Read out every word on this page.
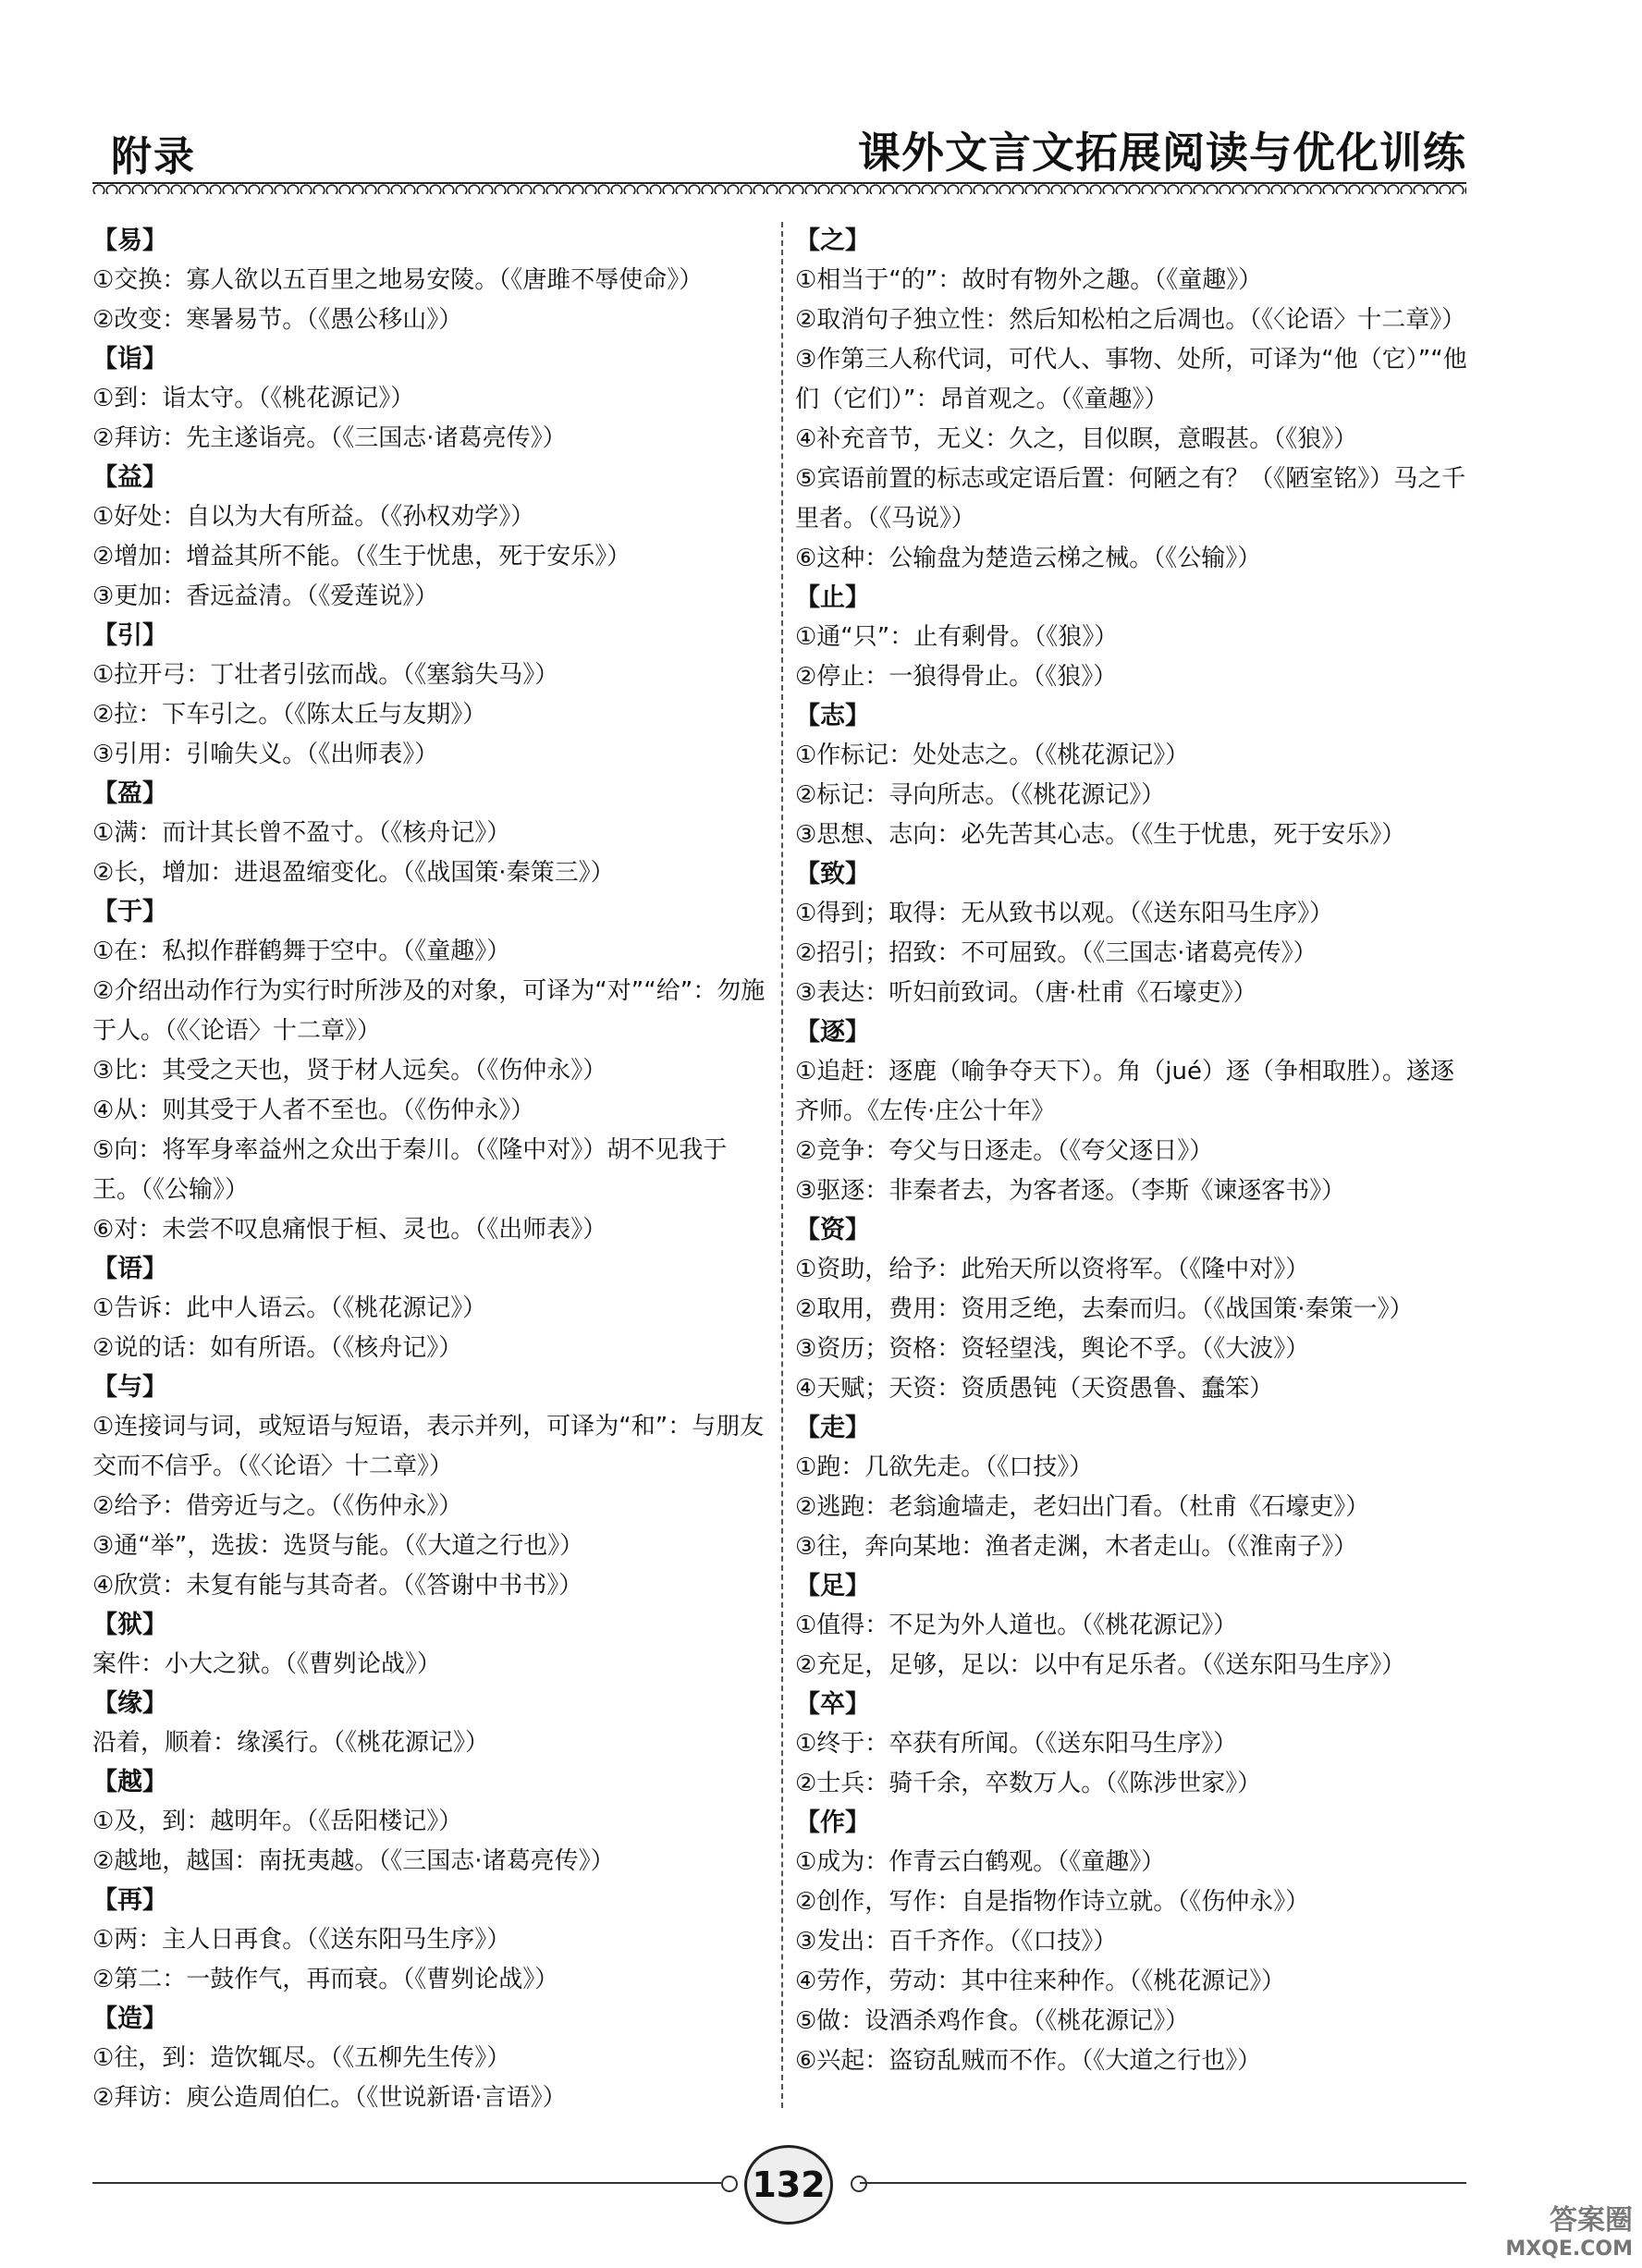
附录	课外文言文拓展阅读与优化训练
【易】
①交换：寡人欲以五百里之地易安陵。（《唐雎不辱使命》）
②改变：寒暑易节。（《愚公移山》）
【诣】
①到：诣太守。（《桃花源记》）
②拜访：先主遂诣亮。（《三国志·诸葛亮传》）
【益】
①好处：自以为大有所益。（《孙权劝学》）
②增加：增益其所不能。（《生于忧患，死于安乐》）
③更加：香远益清。（《爱莲说》）
【引】
①拉开弓：丁壮者引弦而战。（《塞翁失马》）
②拉：下车引之。（《陈太丘与友期》）
③引用：引喻失义。（《出师表》）
【盈】
①满：而计其长曾不盈寸。（《核舟记》）
②长，增加：进退盈缩变化。（《战国策·秦策三》）
【于】
①在：私拟作群鹤舞于空中。（《童趣》）
②介绍出动作行为实行时所涉及的对象，可译为“对”“给”：勿施于人。（《〈论语〉十二章》）
③比：其受之天也，贤于材人远矣。（《伤仲永》）
④从：则其受于人者不至也。（《伤仲永》）
⑤向：将军身率益州之众出于秦川。（《隆中对》）胡不见我于王。（《公输》）
⑥对：未尝不叹息痛恨于桓、灵也。（《出师表》）
【语】
①告诉：此中人语云。（《桃花源记》）
②说的话：如有所语。（《核舟记》）
【与】
①连接词与词，或短语与短语，表示并列，可译为“和”：与朋友交而不信乎。（《〈论语〉十二章》）
②给予：借旁近与之。（《伤仲永》）
③通“举”，选拔：选贤与能。（《大道之行也》）
④欣赏：未复有能与其奇者。（《答谢中书书》）
【狱】
案件：小大之狱。（《曹刿论战》）
【缘】
沿着，顺着：缘溪行。（《桃花源记》）
【越】
①及，到：越明年。（《岳阳楼记》）
②越地，越国：南抚夷越。（《三国志·诸葛亮传》）
【再】
①两：主人日再食。（《送东阳马生序》）
②第二：一鼓作气，再而衰。（《曹刿论战》）
【造】
①往，到：造饮辄尽。（《五柳先生传》）
②拜访：庾公造周伯仁。（《世说新语·言语》）
【之】
①相当于“的”：故时有物外之趣。（《童趣》）
②取消句子独立性：然后知松柏之后凋也。（《〈论语〉十二章》）
③作第三人称代词，可代人、事物、处所，可译为“他（它）”“他们（它们）”：昂首观之。（《童趣》）
④补充音节，无义：久之，目似瞑，意暇甚。（《狼》）
⑤宾语前置的标志或定语后置：何陋之有？（《陋室铭》）马之千里者。（《马说》）
⑥这种：公输盘为楚造云梯之械。（《公输》）
【止】
①通“只”：止有剩骨。（《狼》）
②停止：一狼得骨止。（《狼》）
【志】
①作标记：处处志之。（《桃花源记》）
②标记：寻向所志。（《桃花源记》）
③思想、志向：必先苦其心志。（《生于忧患，死于安乐》）
【致】
①得到；取得：无从致书以观。（《送东阳马生序》）
②招引；招致：不可屈致。（《三国志·诸葛亮传》）
③表达：听妇前致词。（唐·杜甫《石壕吏》）
【逐】
①追赶：逐鹿（喻争夺天下）。角（jué）逐（争相取胜）。遂逐齐师。《左传·庄公十年》
②竞争：夸父与日逐走。（《夸父逐日》）
③驱逐：非秦者去，为客者逐。（李斯《谏逐客书》）
【资】
①资助，给予：此殆天所以资将军。（《隆中对》）
②取用，费用：资用乏绝，去秦而归。（《战国策·秦策一》）
③资历；资格：资轻望浅，舆论不孚。（《大波》）
④天赋；天资：资质愚钝（天资愚鲁、蠢笨）
【走】
①跑：几欲先走。（《口技》）
②逃跑：老翁逾墙走，老妇出门看。（杜甫《石壕吏》）
③往，奔向某地：渔者走渊，木者走山。（《淮南子》）
【足】
①值得：不足为外人道也。（《桃花源记》）
②充足，足够，足以：以中有足乐者。（《送东阳马生序》）
【卒】
①终于：卒获有所闻。（《送东阳马生序》）
②士兵：骑千余，卒数万人。（《陈涉世家》）
【作】
①成为：作青云白鹤观。（《童趣》）
②创作，写作：自是指物作诗立就。（《伤仲永》）
③发出：百千齐作。（《口技》）
④劳作，劳动：其中往来种作。（《桃花源记》）
⑤做：设酒杀鸡作食。（《桃花源记》）
⑥兴起：盗窃乱贼而不作。（《大道之行也》）
132
答案圈
MXQE.COM
